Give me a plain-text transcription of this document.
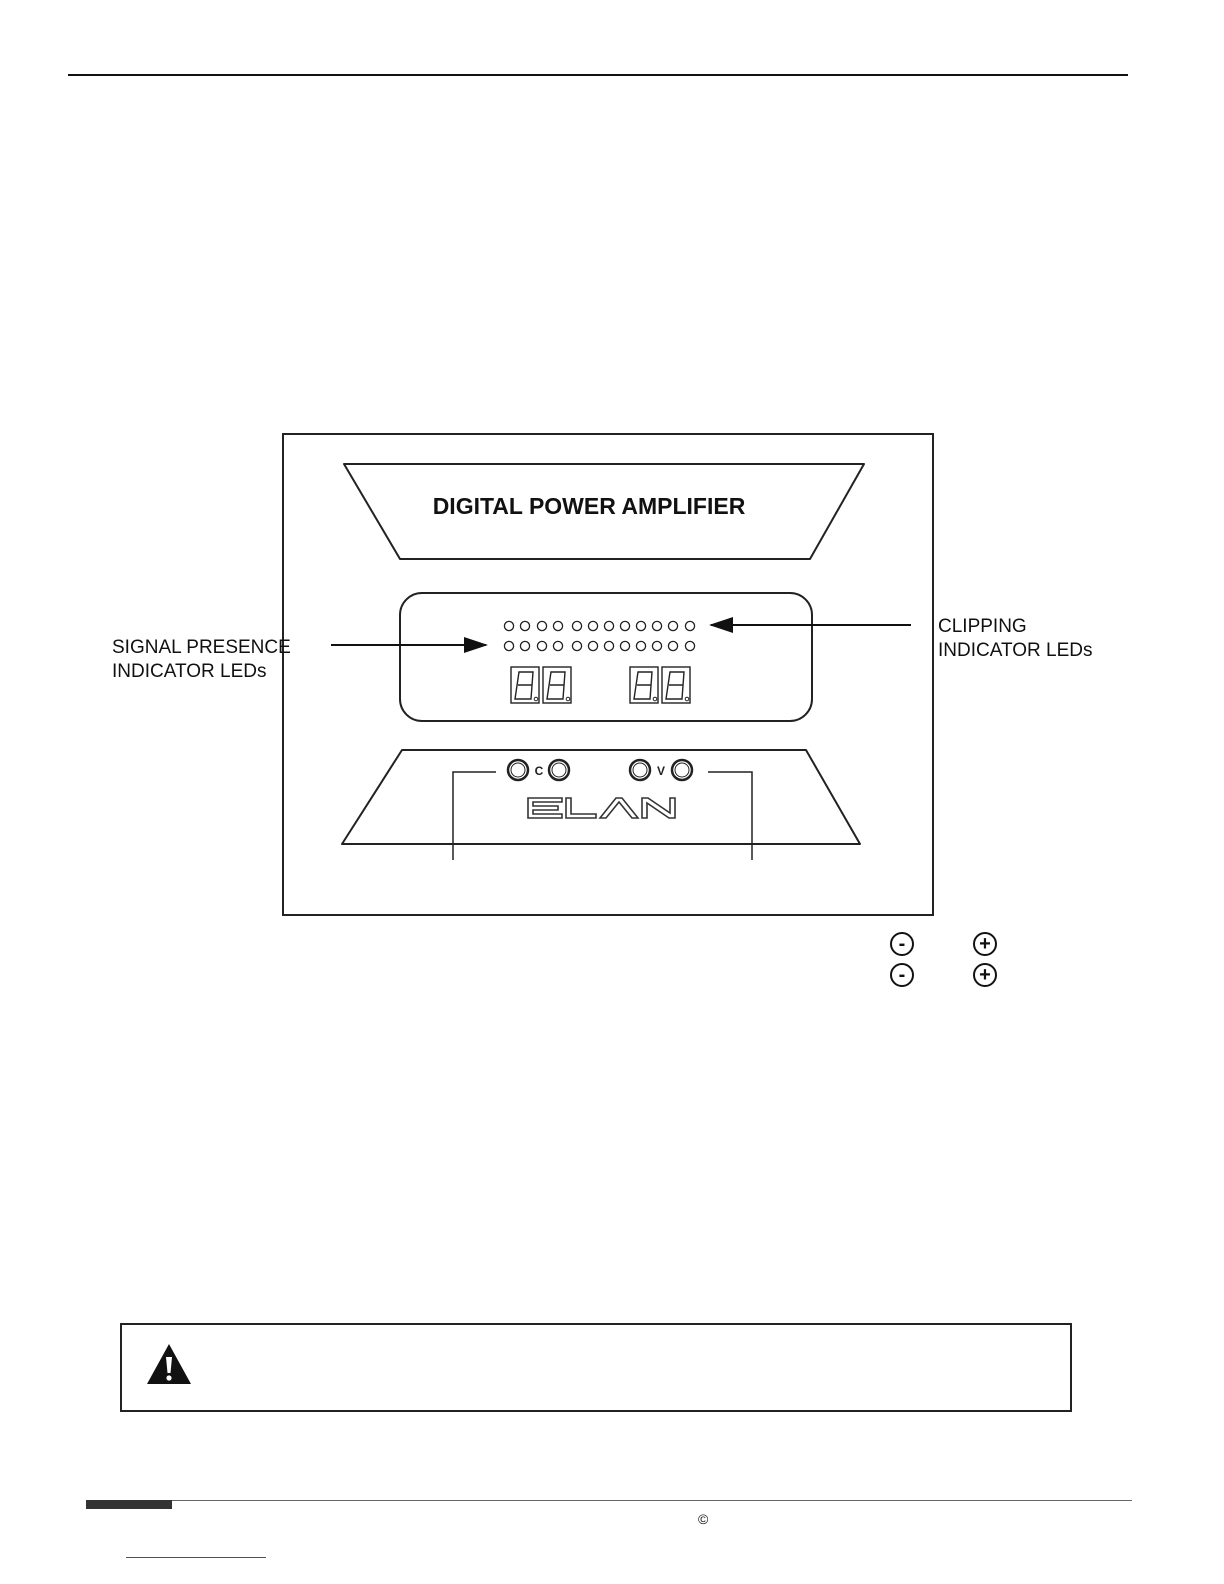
DIGITAL POWER AMPLIFIER
C	V
SIGNAL PRESENCE
INDICATOR LEDs
CLIPPING
INDICATOR LEDs
-	+
-	+
©
